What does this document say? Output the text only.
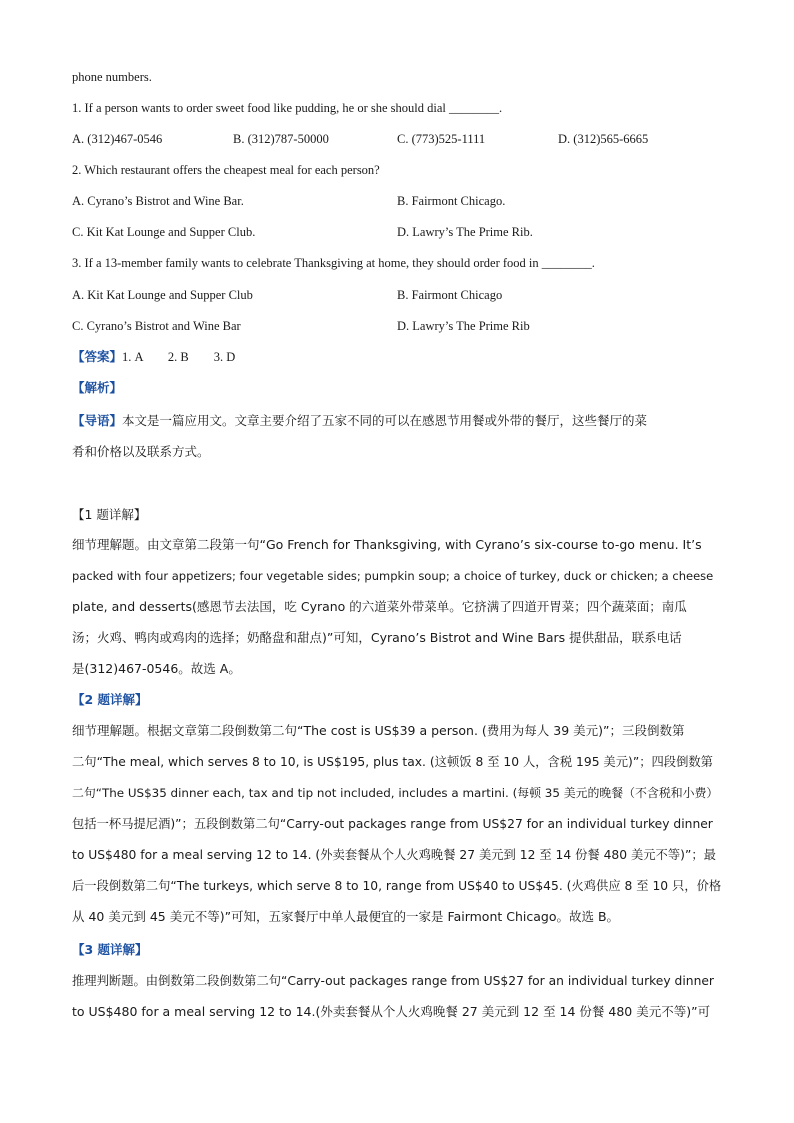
phone numbers.
1. If a person wants to order sweet food like pudding, he or she should dial ________.
A. (312)467-0546	B. (312)787-50000	C. (773)525-1111	D. (312)565-6665
2. Which restaurant offers the cheapest meal for each person?
A. Cyrano’s Bistrot and Wine Bar.	B. Fairmont Chicago.
C. Kit Kat Lounge and Supper Club.	D. Lawry’s The Prime Rib.
3. If a 13-member family wants to celebrate Thanksgiving at home, they should order food in ________.
A. Kit Kat Lounge and Supper Club	B. Fairmont Chicago
C. Cyrano’s Bistrot and Wine Bar	D. Lawry’s The Prime Rib
【答案】1. A        2. B        3. D
【解析】
【导语】本文是一篇应用文。文章主要介绍了五家不同的可以在感恩节用餐或外带的餐厅，这些餐厅的菜
肴和价格以及联系方式。
【1 题详解】
细节理解题。由文章第二段第一句“Go French for Thanksgiving, with Cyrano’s six-course to-go menu. It’s
packed with four appetizers; four vegetable sides; pumpkin soup; a choice of turkey, duck or chicken; a cheese
plate, and desserts(感恩节去法国，吃 Cyrano 的六道菜外带菜单。它挤满了四道开胃菜；四个蔬菜面；南瓜
汤；火鸡、鸭肉或鸡肉的选择；奶酪盘和甜点)”可知，Cyrano’s Bistrot and Wine Bars 提供甜品，联系电话
是(312)467-0546。故选 A。
【2 题详解】
细节理解题。根据文章第二段倒数第二句“The cost is US$39 a person. (费用为每人 39 美元)”；三段倒数第
二句“The meal, which serves 8 to 10, is US$195, plus tax. (这顿饭 8 至 10 人，含税 195 美元)”；四段倒数第
二句“The US$35 dinner each, tax and tip not included, includes a martini. (每顿 35 美元的晚餐（不含税和小费）
包括一杯马提尼酒)”；五段倒数第二句“Carry-out packages range from US$27 for an individual turkey dinner
to US$480 for a meal serving 12 to 14. (外卖套餐从个人火鸡晚餐 27 美元到 12 至 14 份餐 480 美元不等)”；最
后一段倒数第二句“The turkeys, which serve 8 to 10, range from US$40 to US$45. (火鸡供应 8 至 10 只，价格
从 40 美元到 45 美元不等)”可知，五家餐厅中单人最便宜的一家是 Fairmont Chicago。故选 B。
【3 题详解】
推理判断题。由倒数第二段倒数第二句“Carry-out packages range from US$27 for an individual turkey dinner
to US$480 for a meal serving 12 to 14.(外卖套餐从个人火鸡晚餐 27 美元到 12 至 14 份餐 480 美元不等)”可
